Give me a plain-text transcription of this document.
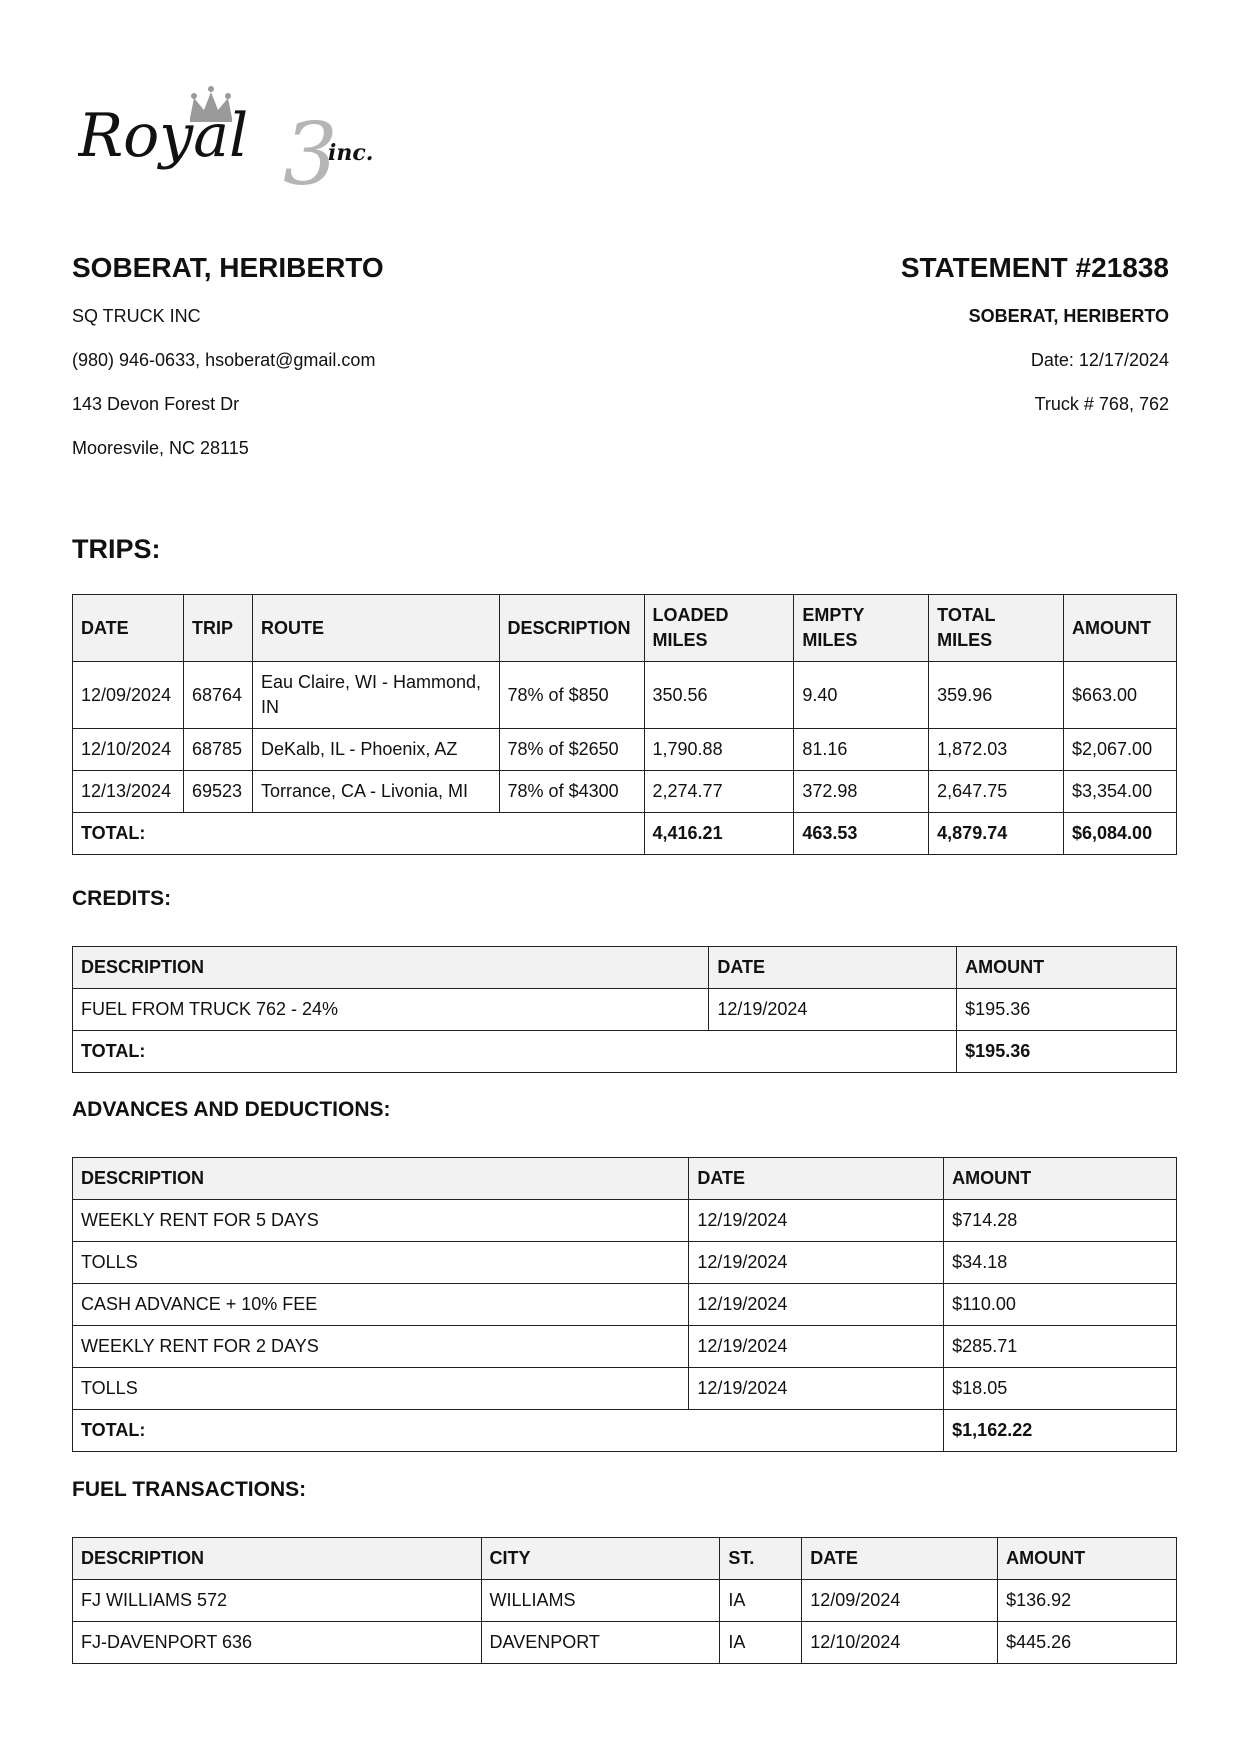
3
Royal	inc.
SOBERAT, HERIBERTO
SQ TRUCK INC
(980) 946-0633, hsoberat@gmail.com
143 Devon Forest Dr
Mooresvile, NC 28115
STATEMENT #21838
SOBERAT, HERIBERTO
Date: 12/17/2024
Truck # 768, 762
TRIPS:
DATE	TRIP	ROUTE	DESCRIPTION	LOADED MILES	EMPTY MILES	TOTAL MILES	AMOUNT
12/09/2024	68764	Eau Claire, WI - Hammond, IN	78% of $850	350.56	9.40	359.96	$663.00
12/10/2024	68785	DeKalb, IL - Phoenix, AZ	78% of $2650	1,790.88	81.16	1,872.03	$2,067.00
12/13/2024	69523	Torrance, CA - Livonia, MI	78% of $4300	2,274.77	372.98	2,647.75	$3,354.00
TOTAL:				4,416.21	463.53	4,879.74	$6,084.00
CREDITS:
DESCRIPTION	DATE	AMOUNT
FUEL FROM TRUCK 762 - 24%	12/19/2024	$195.36
TOTAL:		$195.36
ADVANCES AND DEDUCTIONS:
DESCRIPTION	DATE	AMOUNT
WEEKLY RENT FOR 5 DAYS	12/19/2024	$714.28
TOLLS	12/19/2024	$34.18
CASH ADVANCE + 10% FEE	12/19/2024	$110.00
WEEKLY RENT FOR 2 DAYS	12/19/2024	$285.71
TOLLS	12/19/2024	$18.05
TOTAL:		$1,162.22
FUEL TRANSACTIONS:
DESCRIPTION	CITY	ST.	DATE	AMOUNT
FJ WILLIAMS 572	WILLIAMS	IA	12/09/2024	$136.92
FJ-DAVENPORT 636	DAVENPORT	IA	12/10/2024	$445.26
